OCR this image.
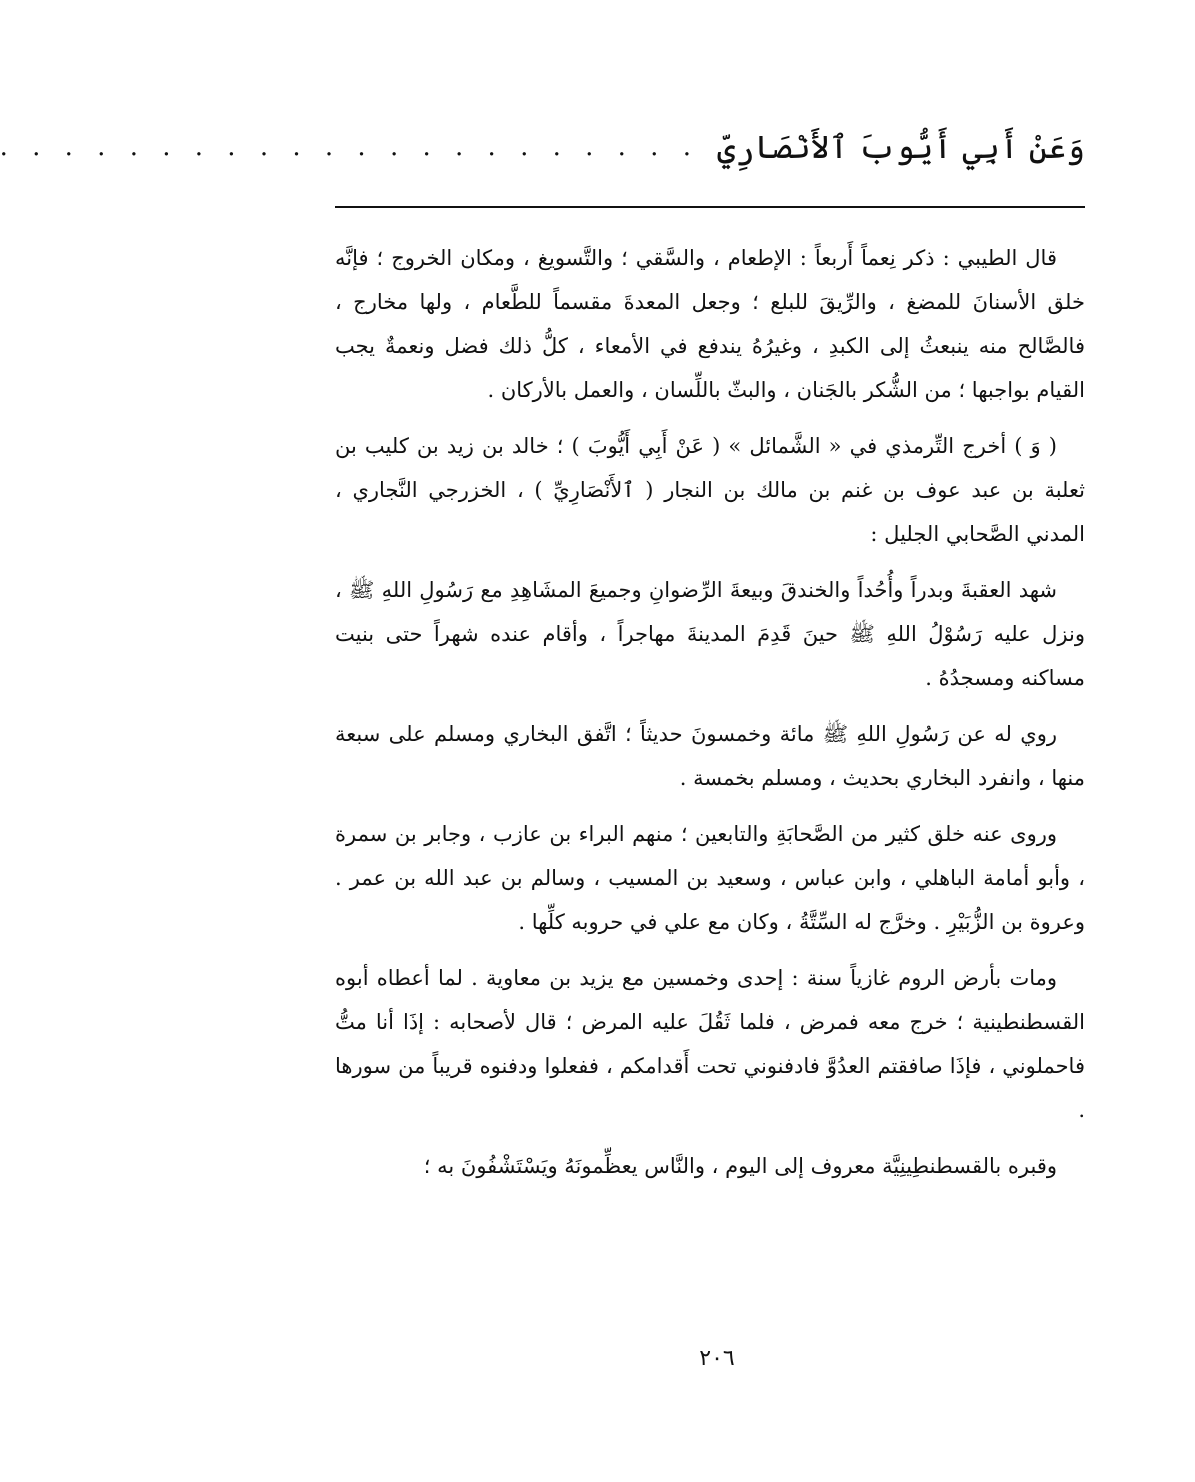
وَعَنْ أَبِي أَيُّوبَ ٱلأَنْصَارِيِّ
. . . . . . . . . . . . . . . . . . . . . .

قال الطيبي : ذكر نِعماً أَربعاً : الإطعام ، والسَّقي ؛ والتَّسويغ ، ومكان الخروج ؛ فإنَّه خلق الأسنانَ للمضغ ، والرِّيقَ للبلع ؛ وجعل المعدةَ مقسماً للطَّعام ، ولها مخارج ، فالصَّالح منه ينبعثُ إلى الكبدِ ، وغيرُهُ يندفع في الأمعاء ، كلُّ ذلك فضل ونعمةٌ يجب القيام بواجبها ؛ من الشُّكر بالجَنان ، والبثّ باللِّسان ، والعمل بالأركان .

( وَ ) أخرج التِّرمذي في « الشَّمائل » ( عَنْ أَبِي أَيُّوبَ ) ؛ خالد بن زيد بن كليب بن ثعلبة بن عبد عوف بن غنم بن مالك بن النجار ( ٱلأَنْصَارِيِّ ) ، الخزرجي النَّجاري ، المدني الصَّحابي الجليل :

شهد العقبةَ وبدراً وأُحُداً والخندقَ وبيعةَ الرِّضوانِ وجميعَ المشَاهِدِ مع رَسُولِ اللهِ ﷺ ، ونزل عليه رَسُوْلُ اللهِ ﷺ حينَ قَدِمَ المدينةَ مهاجراً ، وأقام عنده شهراً حتى بنيت مساكنه ومسجدُهُ .

روي له عن رَسُولِ اللهِ ﷺ مائة وخمسونَ حديثاً ؛ اتَّفق البخاري ومسلم على سبعة منها ، وانفرد البخاري بحديث ، ومسلم بخمسة .

وروى عنه خلق كثير من الصَّحابَةِ والتابعين ؛ منهم البراء بن عازب ، وجابر بن سمرة ، وأبو أمامة الباهلي ، وابن عباس ، وسعيد بن المسيب ، وسالم بن عبد الله بن عمر . وعروة بن الزُّبَيْرِ . وخرَّج له السِّتَّةُ ، وكان مع علي في حروبه كلِّها .

ومات بأرض الروم غازياً سنة : إحدى وخمسين مع يزيد بن معاوية . لما أعطاه أبوه القسطنطينية ؛ خرج معه فمرض ، فلما ثَقُلَ عليه المرض ؛ قال لأصحابه : إذَا أنا متُّ فاحملوني ، فإذَا صافقتم العدُوَّ فادفنوني تحت أَقدامكم ، ففعلوا ودفنوه قريباً من سورها .

وقبره بالقسطنطِينِيَّة معروف إلى اليوم ، والنَّاس يعظِّمونَهُ ويَسْتَشْفُونَ به ؛

٢٠٦
